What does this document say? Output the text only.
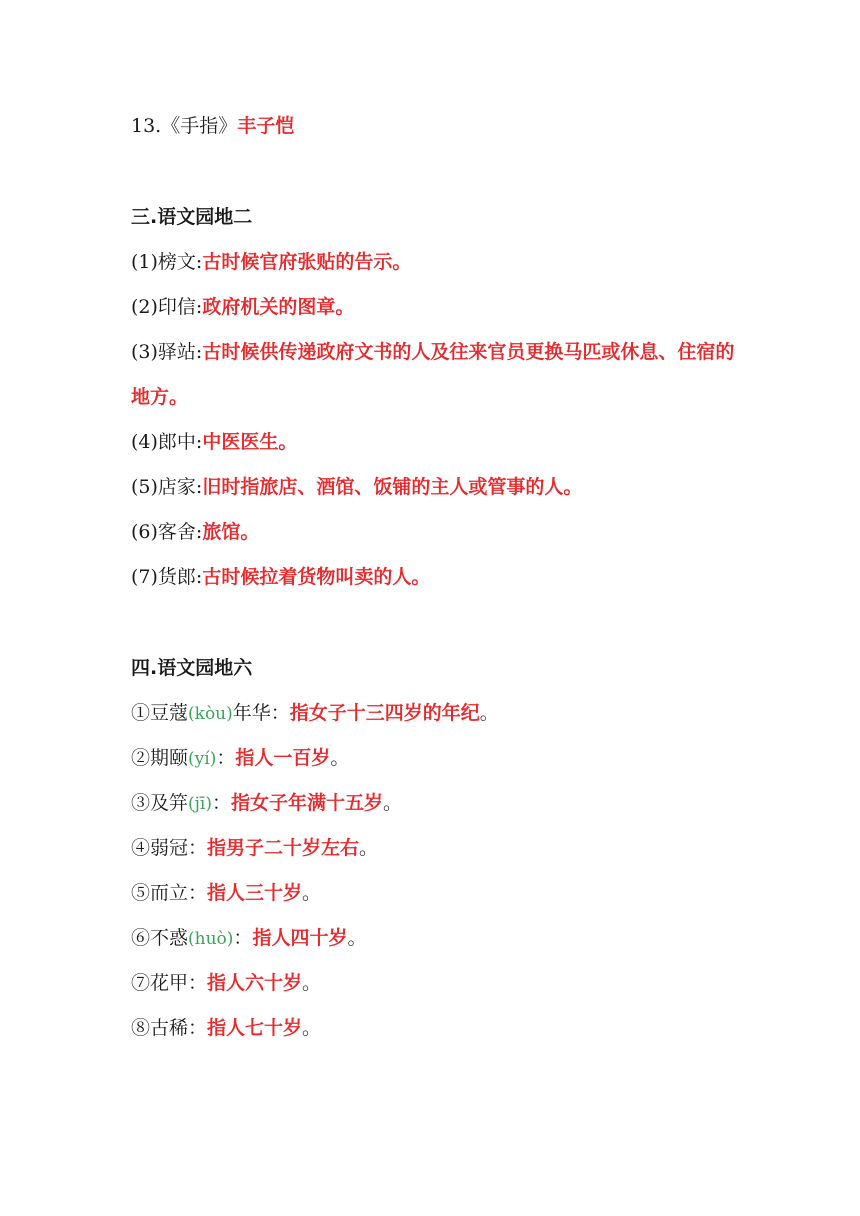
13.《手指》丰子恺
三.语文园地二
(1)榜文:古时候官府张贴的告示。
(2)印信:政府机关的图章。
(3)驿站:古时候供传递政府文书的人及往来官员更换马匹或休息、住宿的
地方。
(4)郎中:中医医生。
(5)店家:旧时指旅店、酒馆、饭铺的主人或管事的人。
(6)客舍:旅馆。
(7)货郎:古时候拉着货物叫卖的人。
四.语文园地六
①豆蔻(kòu)年华：指女子十三四岁的年纪。
②期颐(yí)：指人一百岁。
③及笄(jī)：指女子年满十五岁。
④弱冠：指男子二十岁左右。
⑤而立：指人三十岁。
⑥不惑(huò)：指人四十岁。
⑦花甲：指人六十岁。
⑧古稀：指人七十岁。
